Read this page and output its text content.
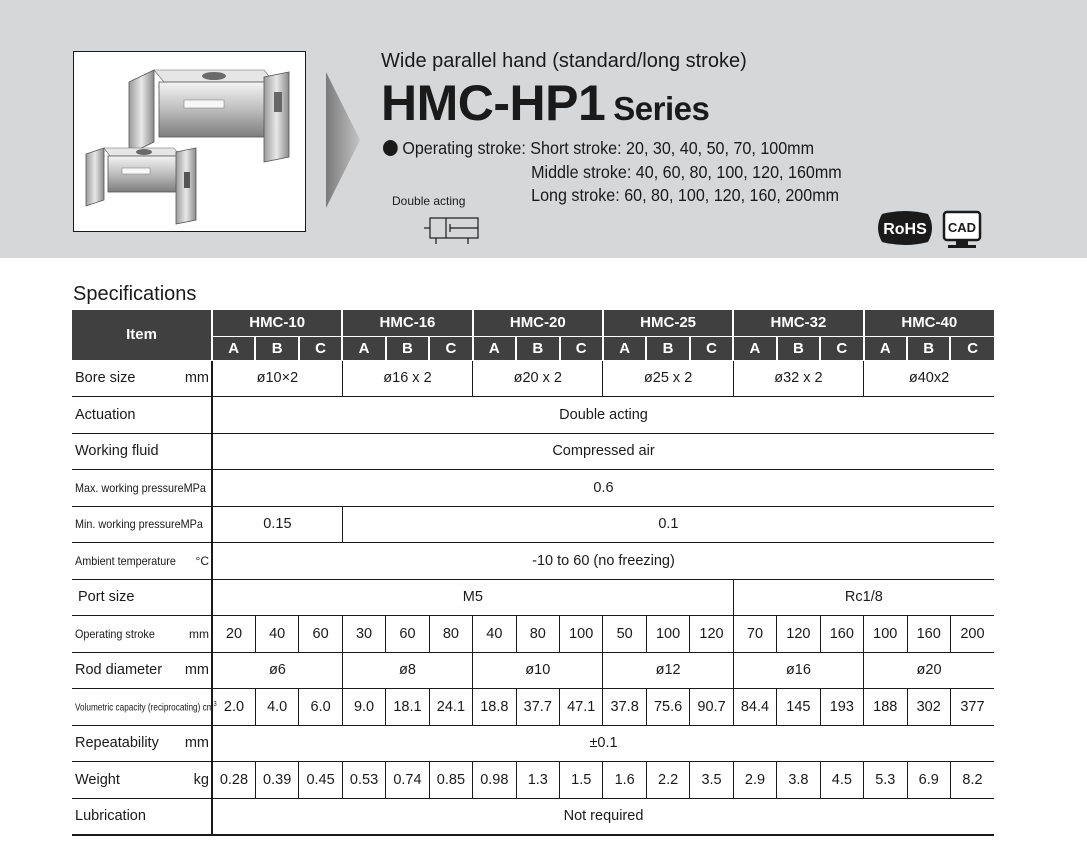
Wide parallel hand (standard/long stroke)
HMC-HP1 Series
Operating stroke: Short stroke: 20, 30, 40, 50, 70, 100mm
Middle stroke: 40, 60, 80, 100, 120, 160mm
Long stroke: 60, 80, 100, 120, 160, 200mm
Double acting
RoHS CAD
Specifications
Item	HMC-10			HMC-16			HMC-20			HMC-25			HMC-32			HMC-40		
	A	B	C	A	B	C	A	B	C	A	B	C	A	B	C	A	B	C

Bore size mm	ø10×2			ø16 x 2			ø20 x 2			ø25 x 2			ø32 x 2			ø40x2		

Actuation	Double acting																	

Working fluid	Compressed air																	

Max. working pressureMPa	0.6																	

Min. working pressureMPa	0.15			0.1														

Ambient temperature °C	-10 to 60 (no freezing)																	

Port size	M5												Rc1/8					

Operating stroke mm	20	40	60	30	60	80	40	80	100	50	100	120	70	120	160	100	160	200

Rod diameter mm	ø6			ø8			ø10			ø12			ø16			ø20		

Volumetric capacity (reciprocating) $cm^3$	2.0	4.0	6.0	9.0	18.1	24.1	18.8	37.7	47.1	37.8	75.6	90.7	84.4	145	193	188	302	377

Repeatability mm	±0.1																	

Weight kg	0.28	0.39	0.45	0.53	0.74	0.85	0.98	1.3	1.5	1.6	2.2	3.5	2.9	3.8	4.5	5.3	6.9	8.2

Lubrication	Not required																	
